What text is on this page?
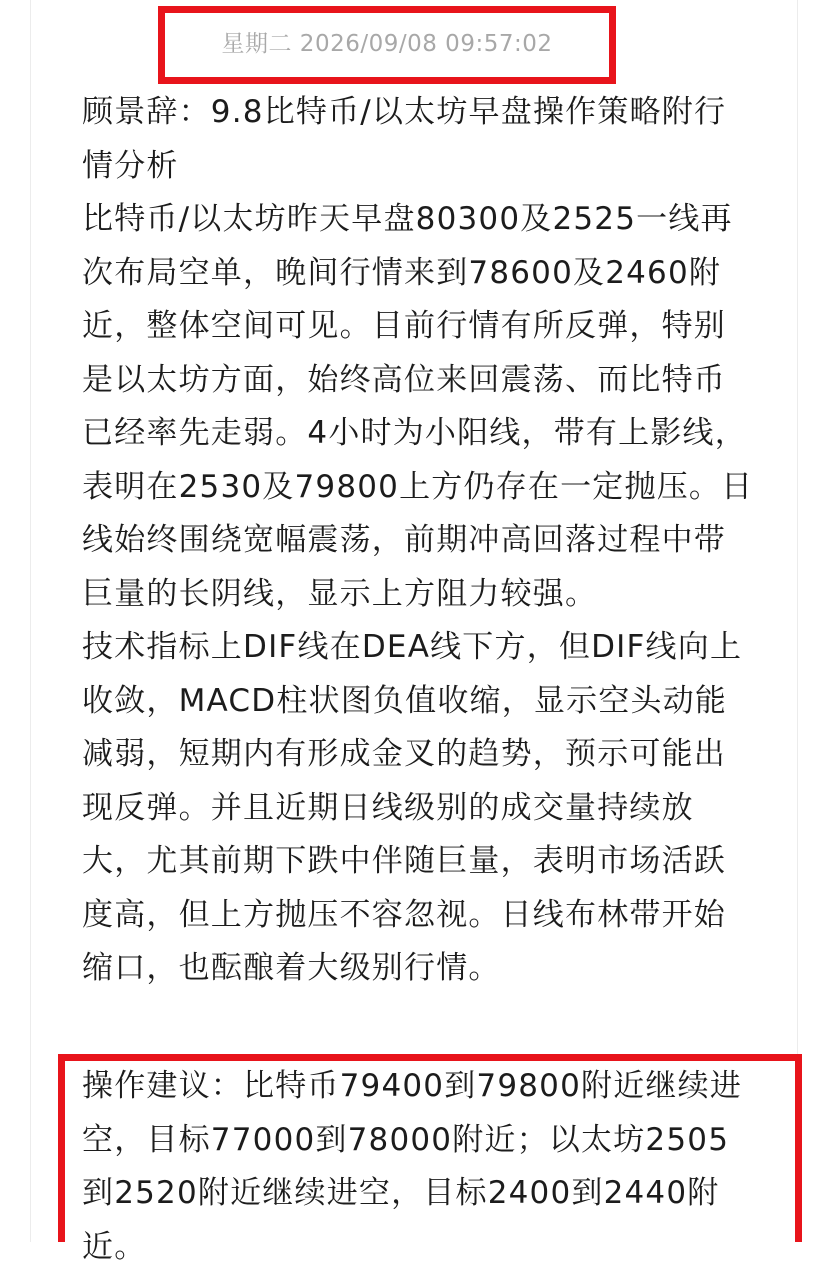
星期二 2026/09/08 09:57:02

顾景辞：9.8比特币/以太坊早盘操作策略附行情分析

比特币/以太坊昨天早盘80300及2525一线再次布局空单，晚间行情来到78600及2460附近，整体空间可见。目前行情有所反弹，特别是以太坊方面，始终高位来回震荡、而比特币已经率先走弱。4小时为小阳线，带有上影线，表明在2530及79800上方仍存在一定抛压。日线始终围绕宽幅震荡，前期冲高回落过程中带巨量的长阴线，显示上方阻力较强。

技术指标上DIF线在DEA线下方，但DIF线向上收敛，MACD柱状图负值收缩，显示空头动能减弱，短期内有形成金叉的趋势，预示可能出现反弹。并且近期日线级别的成交量持续放大，尤其前期下跌中伴随巨量，表明市场活跃度高，但上方抛压不容忽视。日线布林带开始缩口，也酝酿着大级别行情。

操作建议：比特币79400到79800附近继续进空，目标77000到78000附近；以太坊2505到2520附近继续进空，目标2400到2440附近。
